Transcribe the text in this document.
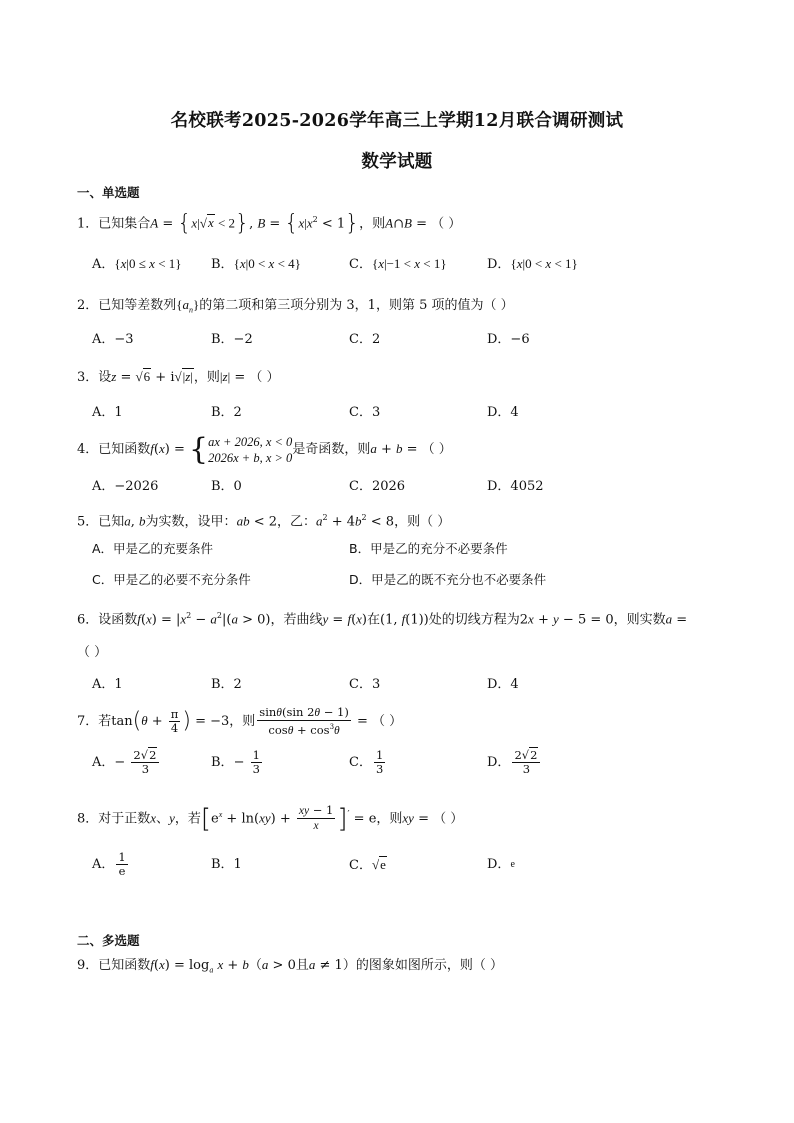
名校联考2025-2026学年高三上学期12月联合调研测试
数学试题
一、单选题
1．已知集合A = {x|√x < 2}, $B = \{x|x^2 < 1\}$，则A∩B = （ ）
A．{x|0 ≤ x < 1} B．{x|0 < x < 4}	C．{x|−1 < x < 1}	D．{x|0 < x < 1}
2．已知等差数列$\{a_n\}$的第二项和第三项分别为 3，1，则第 5 项的值为（ ）
A．−3	B．−2	C．2	D．−6
3．设z = √6 + i√|z|，则|z| = （ ）
A．1	B．2	C．3	D．4
4．已知函数f(x) = {ax + 2026, x < 0
2026x + b, x > 0是奇函数，则a + b = （ ）
A．−2026	B．0	C．2026	D．4052
5．已知a, b为实数，设甲：ab < 2，乙：$a^2 + 4b^2 < 8$，则（ ）
A．甲是乙的充要条件	B．甲是乙的充分不必要条件
C．甲是乙的必要不充分条件	D．甲是乙的既不充分也不必要条件
6．设函数$f(x) = |x^2 - a^2|(a > 0)$，若曲线y = f(x)在(1, f(1))处的切线方程为2x + y − 5 = 0，则实数a =
（ ）
A．1	B．2	C．3	D．4
7．若$\tan(\theta + \frac{\pi}{4}$ ) = −3，则 $\frac{\sin\theta(\sin 2\theta - 1)}{\cos\theta + \cos^3\theta}$ = （ ）
A．− $\frac{2√2}{3}$	B．− $\frac{1}{3}$	C． $\frac{1}{3}$	D． $\frac{2√2}{3}$
8．对于正数x、y，若$[e^x + \ln(xy) + \frac{xy - 1}{x} ]' = e$，则xy = （ ）
A． $\frac{1}{e}$	B．1	C．√e	D．$^e$
二、多选题
9．已知函数$f(x) = \log_a x + b(a > 0$且a ≠ 1）的图象如图所示，则（ ）
